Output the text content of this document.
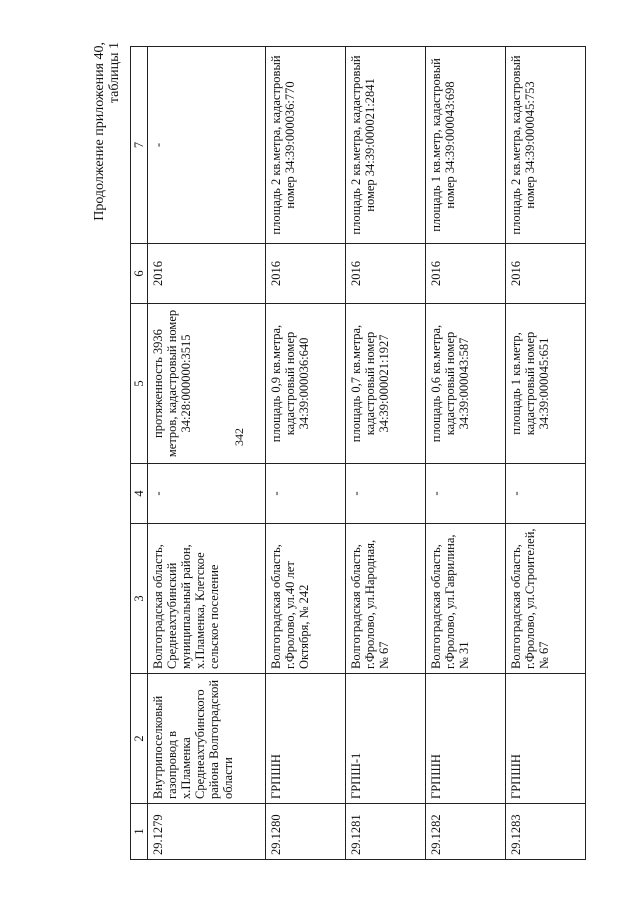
342
Продолжение приложения 40, таблицы 1
1	2	3	4	5	6	7
29.1279	Внутрипоселковый газопровод в х.Пламенка Среднеахтубинского района Волгоградской области	Волгоградская область, Среднеахтубинский муниципальный район, х.Пламенка, Клетское сельское поселение	-	протяженность 3936 метров, кадастровый номер 34:28:000000:3515	2016	-
29.1280	ГРПШН	Волгоградская область, г.Фролово, ул.40 лет Октября, № 242	-	площадь 0,9 кв.метра, кадастровый номер 34:39:000036:640	2016	площадь 2 кв.метра, кадастровый номер 34:39:000036:770
29.1281	ГРПШ-1	Волгоградская область, г.Фролово, ул.Народная, № 67	-	площадь 0,7 кв.метра, кадастровый номер 34:39:000021:1927	2016	площадь 2 кв.метра, кадастровый номер 34:39:000021:2841
29.1282	ГРПШН	Волгоградская область, г.Фролово, ул.Гаврилина, № 31	-	площадь 0,6 кв.метра, кадастровый номер 34:39:000043:587	2016	площадь 1 кв.метр, кадастровый номер 34:39:000043:698
29.1283	ГРПШН	Волгоградская область, г.Фролово, ул.Строителей, № 67	-	площадь 1 кв.метр, кадастровый номер 34:39:000045:651	2016	площадь 2 кв.метра, кадастровый номер 34:39:000045:753
